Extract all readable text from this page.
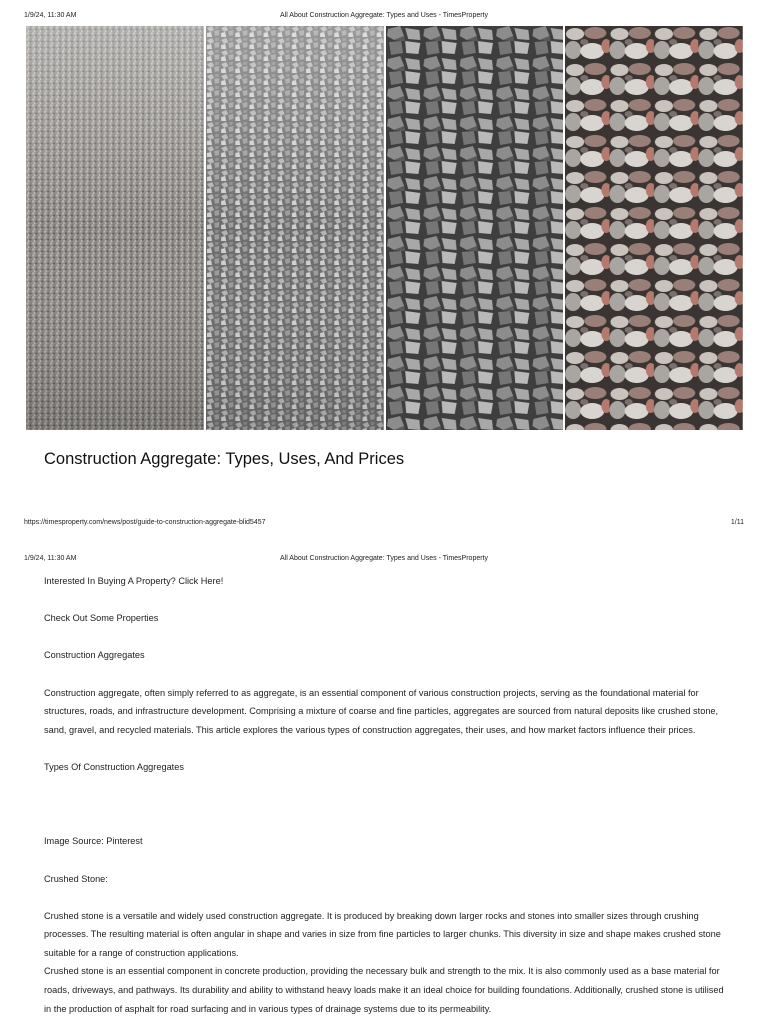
1/9/24, 11:30 AM	All About Construction Aggregate: Types and Uses - TimesProperty
Construction Aggregate: Types, Uses, And Prices
https://timesproperty.com/news/post/guide-to-construction-aggregate-blid5457	1/11
1/9/24, 11:30 AM	All About Construction Aggregate: Types and Uses - TimesProperty

Interested In Buying A Property? Click Here!

Check Out Some Properties

Construction Aggregates

Construction aggregate, often simply referred to as aggregate, is an essential component of various construction projects, serving as the foundational material for structures, roads, and infrastructure development. Comprising a mixture of coarse and fine particles, aggregates are sourced from natural deposits like crushed stone, sand, gravel, and recycled materials. This article explores the various types of construction aggregates, their uses, and how market factors influence their prices.

Types Of Construction Aggregates

Image Source: Pinterest

Crushed Stone:

Crushed stone is a versatile and widely used construction aggregate. It is produced by breaking down larger rocks and stones into smaller sizes through crushing processes. The resulting material is often angular in shape and varies in size from fine particles to larger chunks. This diversity in size and shape makes crushed stone suitable for a range of construction applications.

Crushed stone is an essential component in concrete production, providing the necessary bulk and strength to the mix. It is also commonly used as a base material for roads, driveways, and pathways. Its durability and ability to withstand heavy loads make it an ideal choice for building foundations. Additionally, crushed stone is utilised in the production of asphalt for road surfacing and in various types of drainage systems due to its permeability.
